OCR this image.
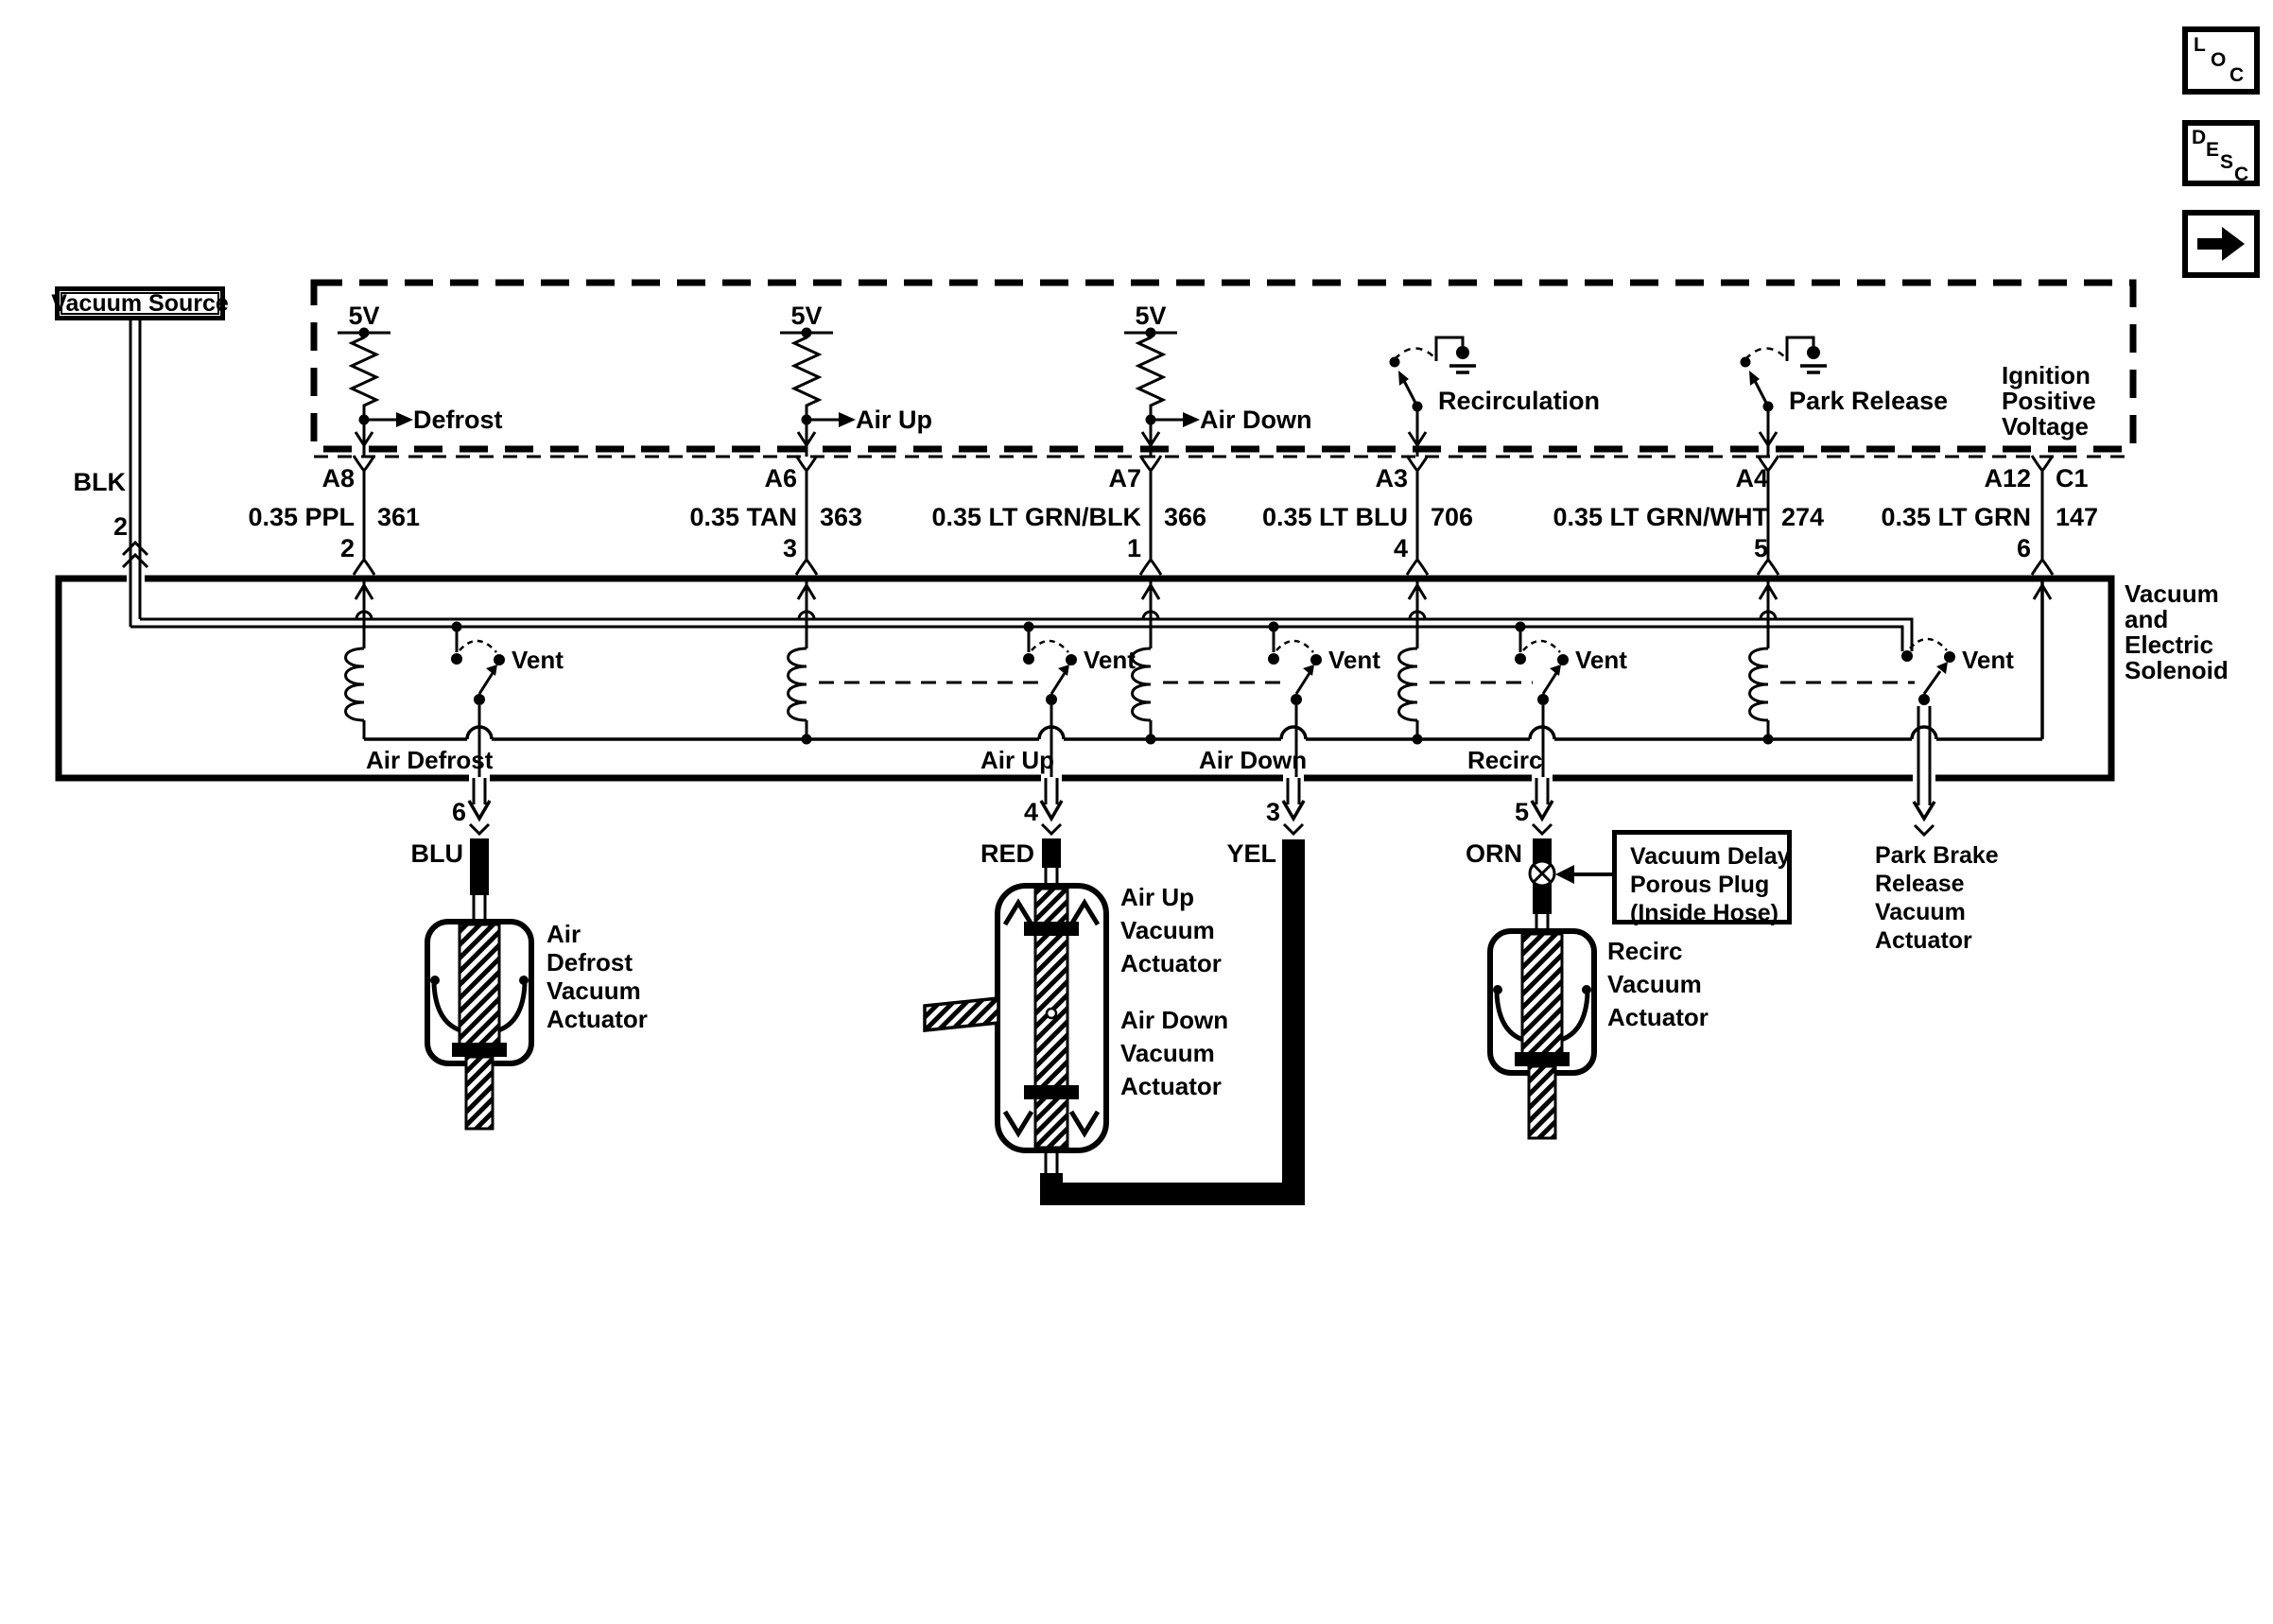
L
O
C
D
E
S
C
Vacuum Source
BLK
2
5V	5V	5V
Defrost	Air Up	Air Down
Recirculation	Park Release
Ignition
Positive
Voltage
A8
0.35 PPL 361
2
A6
0.35 TAN 363
3
A7
0.35 LT GRN/BLK 366
1
A3
0.35 LT BLU 706
4
A4
0.35 LT GRN/WHT 274
5
A12 C1
0.35 LT GRN 147
6
Vacuum
and
Electric
Solenoid
Vent	Vent	Vent	Vent	Vent
Air Defrost	Air Up	Air Down	Recirc
6	4	3	5
BLU	RED	YEL	ORN
Air
Defrost
Vacuum
Actuator
Air Up
Vacuum
Actuator
Air Down
Vacuum
Actuator
Recirc
Vacuum
Actuator
Park Brake
Release
Vacuum
Actuator
Vacuum Delay
Porous Plug
(Inside Hose)
